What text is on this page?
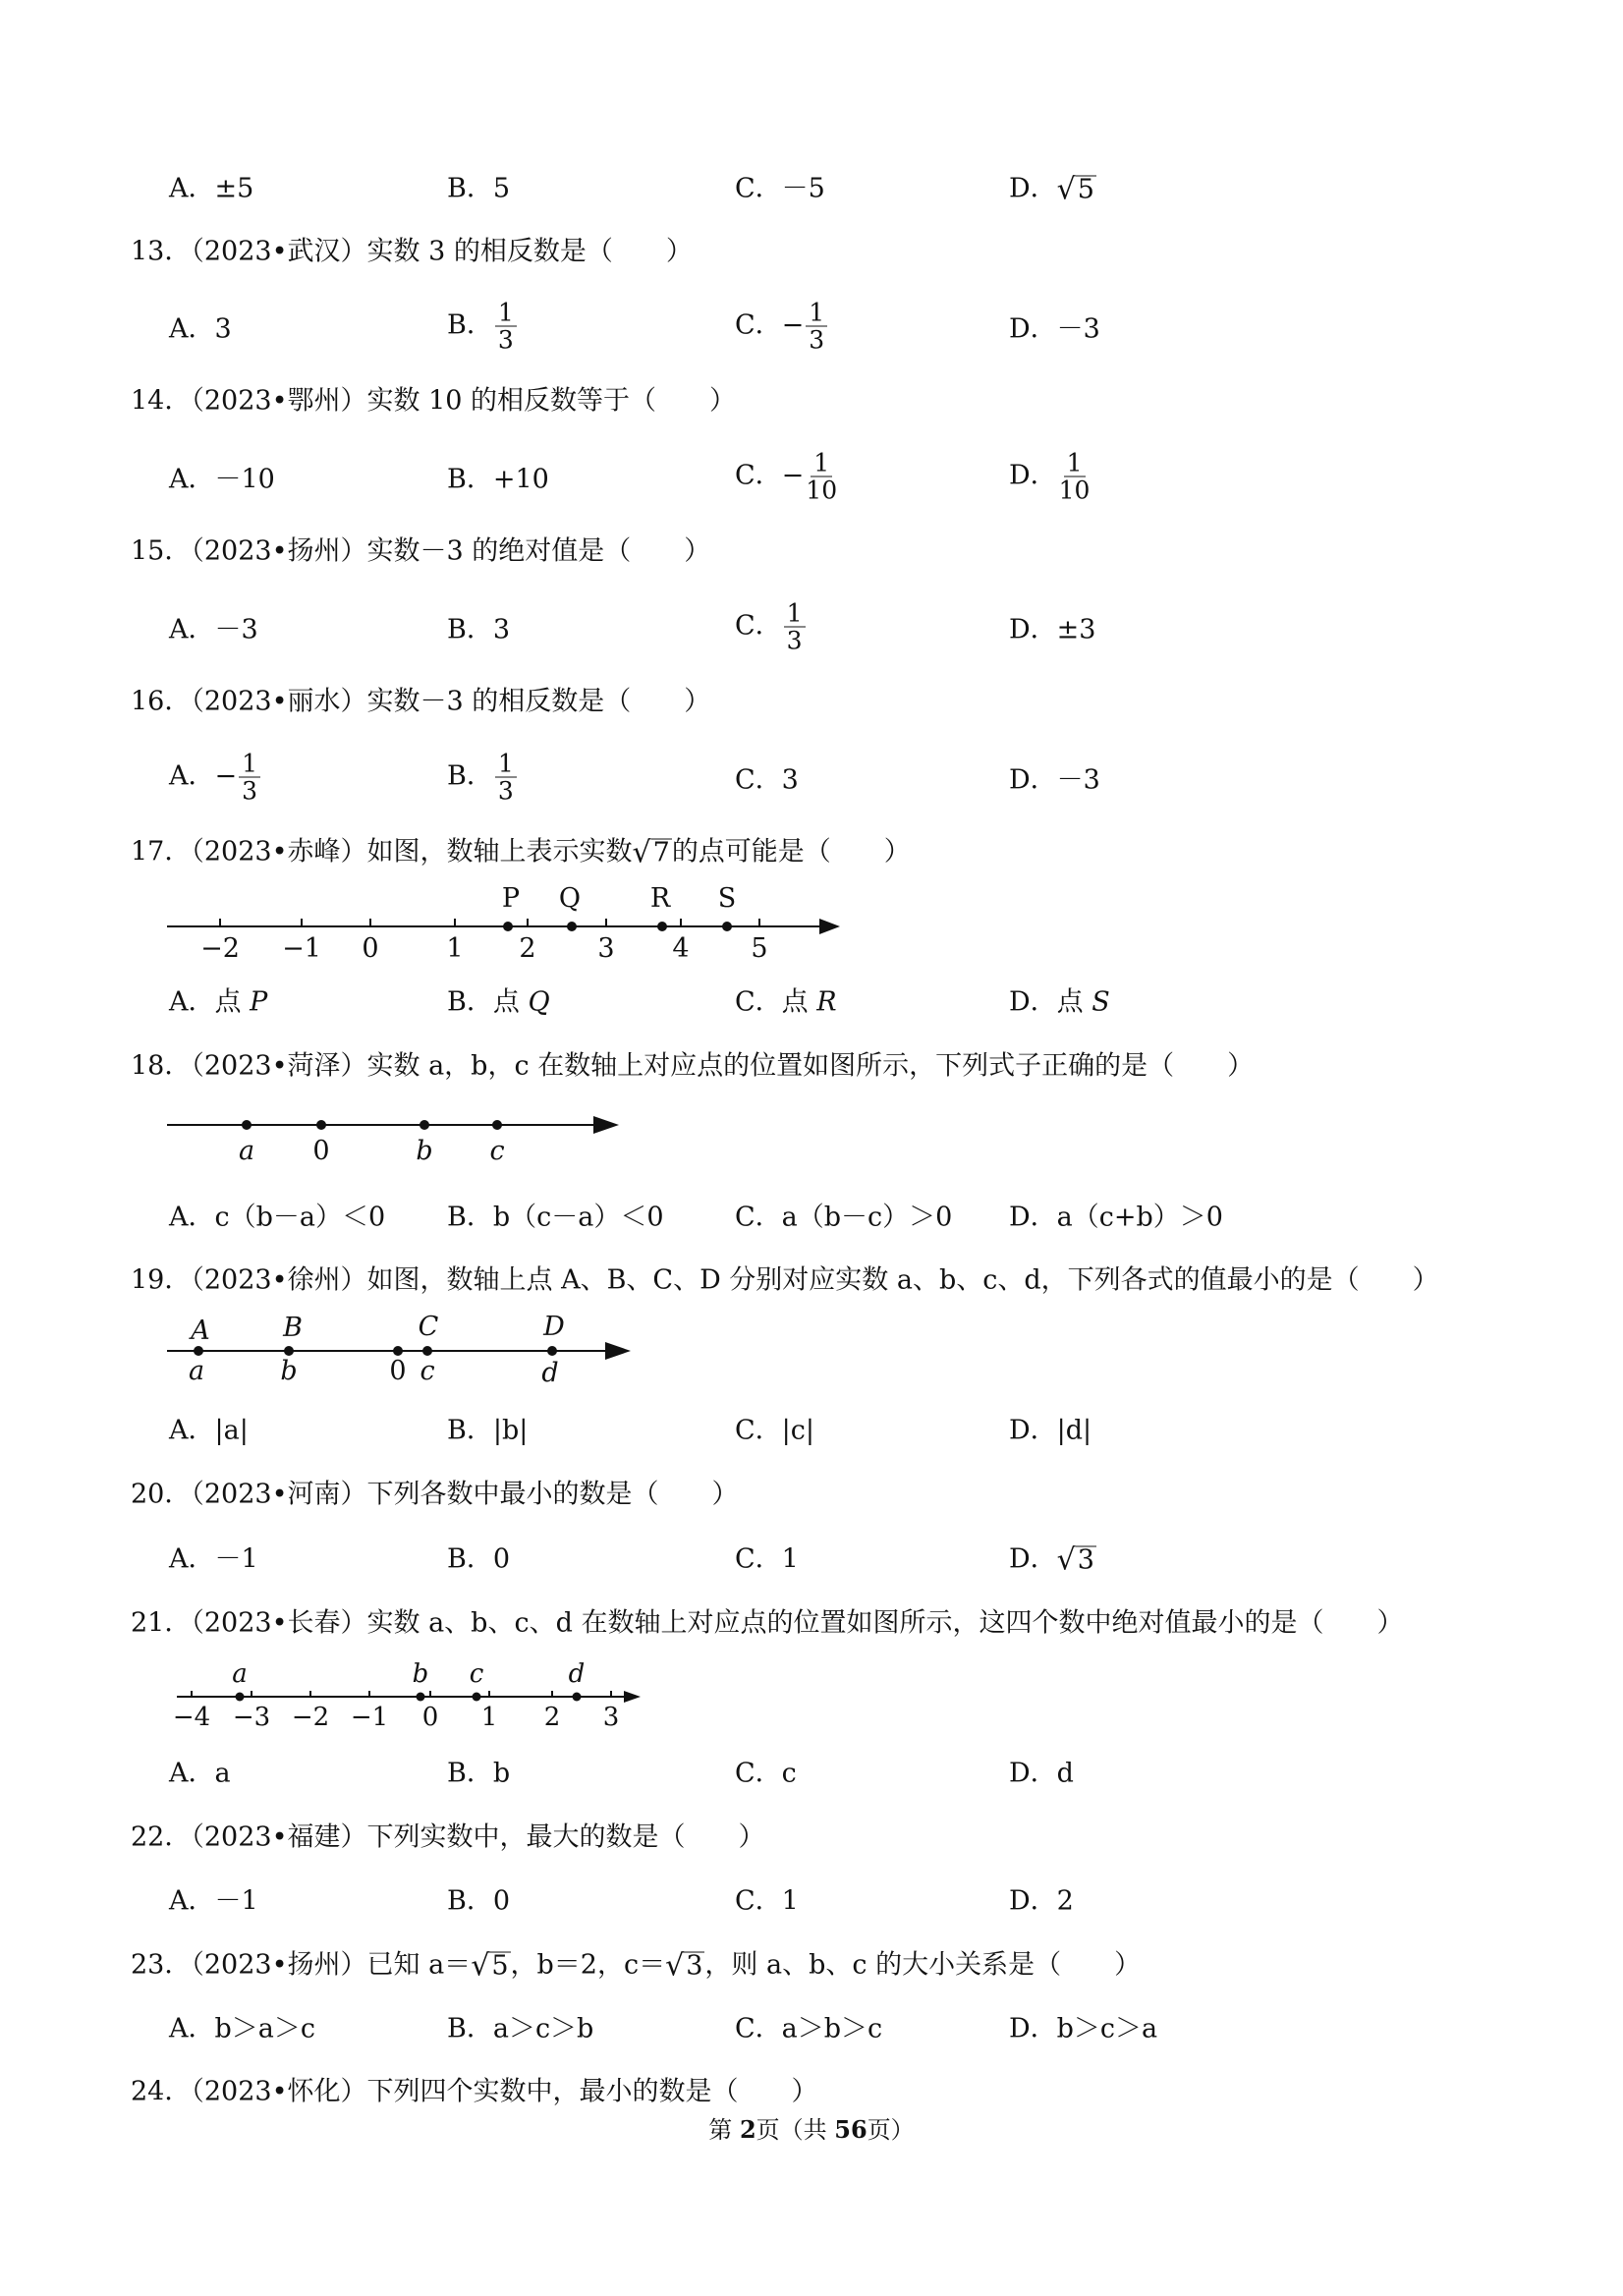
A．±5	B．5	C．－5	D． √ 5
13．（2023•武汉）实数 3 的相反数是（　　）
A．3	B． $\frac{1}{3}$	C．− $\frac{1}{3}$	D．－3
14．（2023•鄂州）实数 10 的相反数等于（　　）
A．－10	B．+10	C．− $\frac{1}{10}$	D． $\frac{1}{10}$
15．（2023•扬州）实数－3 的绝对值是（　　）
A．－3	B．3	C． $\frac{1}{3}$	D．±3
16．（2023•丽水）实数－3 的相反数是（　　）
A．− $\frac{1}{3}$	B． $\frac{1}{3}$	C．3	D．－3
17．（2023•赤峰）如图，数轴上表示实数 √ 7 的点可能是（　　）
−2 −1 0	1 2 3 4 5
P Q	R S
A．点 P	B．点 Q	C．点 R	D．点 S
18．（2023•菏泽）实数 a，b，c 在数轴上对应点的位置如图所示，下列式子正确的是（　　）
a 0	b c
A．c（b－a）＜0 B．b（c－a）＜0	C．a（b－c）＞0 D．a（c+b）＞0
19．（2023•徐州）如图，数轴上点 A、B、C、D 分别对应实数 a、b、c、d，下列各式的值最小的是（　　）
A	B	C	D
a	b	0 c	d
A．|a|	B．|b|	C．|c|	D．|d|
20．（2023•河南）下列各数中最小的数是（　　）
A．－1	B．0	C．1	D． √ 3
21．（2023•长春）实数 a、b、c、d 在数轴上对应点的位置如图所示，这四个数中绝对值最小的是（　　）
−4 −3 −2 −1 0 1 2 3
a	b c	d
A．a	B．b	C．c	D．d
22．（2023•福建）下列实数中，最大的数是（　　）
A．－1	B．0	C．1	D．2
23．（2023•扬州）已知 a＝ √ 5 ，b＝2，c＝ √ 3 ，则 a、b、c 的大小关系是（　　）
A．b＞a＞c	B．a＞c＞b	C．a＞b＞c	D．b＞c＞a
24．（2023•怀化）下列四个实数中，最小的数是（　　）
第 2页（共 56页）
